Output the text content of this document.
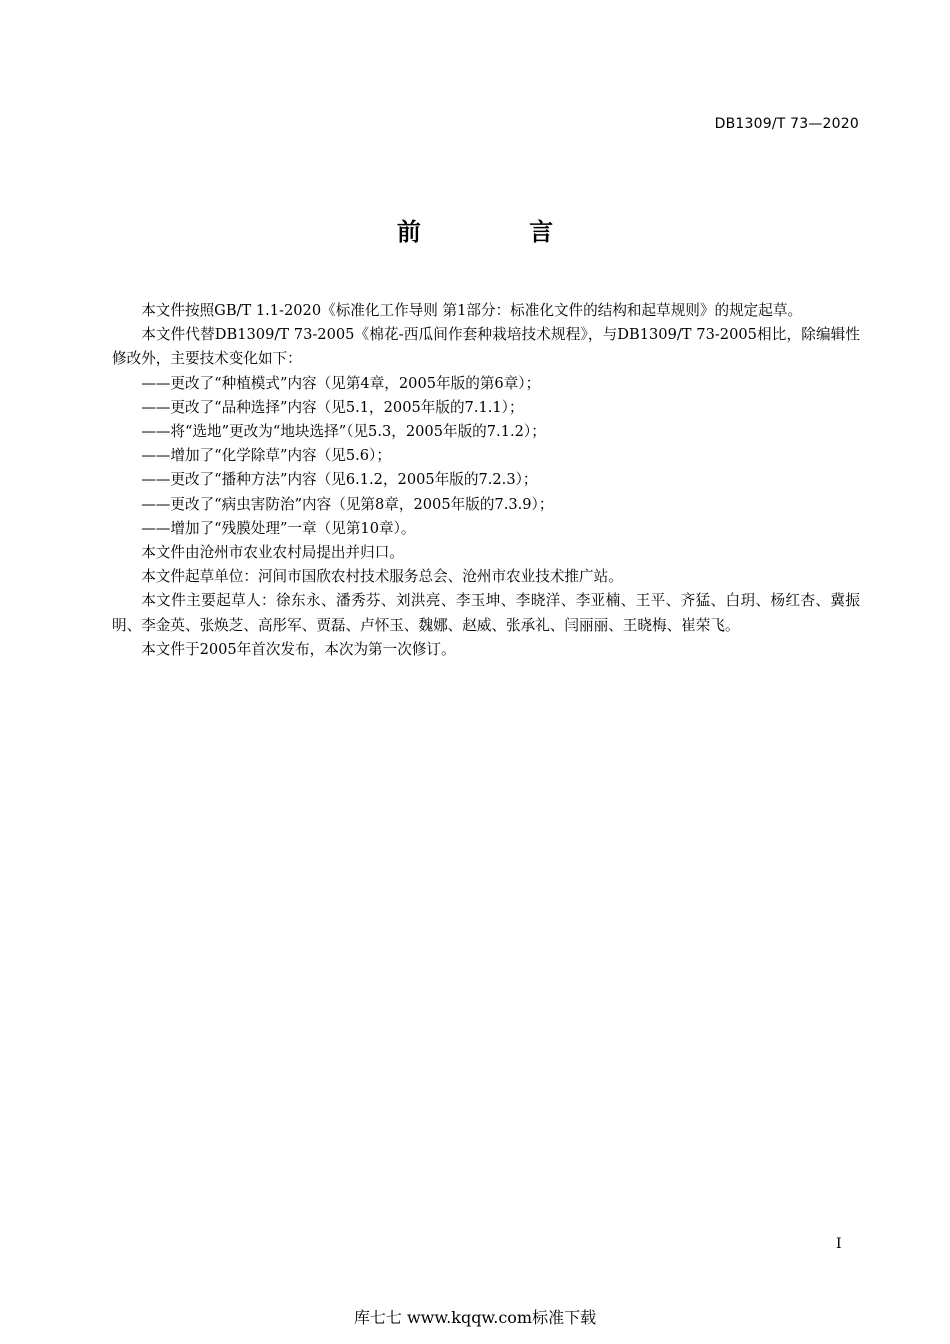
DB1309/T 73—2020
前 言

本文件按照GB/T 1.1-2020《标准化工作导则 第1部分：标准化文件的结构和起草规则》的规定起草。

本文件代替DB1309/T 73-2005《棉花-西瓜间作套种栽培技术规程》，与DB1309/T 73-2005相比，除编辑性修改外，主要技术变化如下：

——更改了“种植模式”内容（见第4章，2005年版的第6章）；

——更改了“品种选择”内容（见5.1，2005年版的7.1.1）；

——将“选地”更改为“地块选择”（见5.3，2005年版的7.1.2）；

——增加了“化学除草”内容（见5.6）；

——更改了“播种方法”内容（见6.1.2，2005年版的7.2.3）；

——更改了“病虫害防治”内容（见第8章，2005年版的7.3.9）；

——增加了“残膜处理”一章（见第10章）。

本文件由沧州市农业农村局提出并归口。

本文件起草单位：河间市国欣农村技术服务总会、沧州市农业技术推广站。

本文件主要起草人：徐东永、潘秀芬、刘洪亮、李玉坤、李晓洋、李亚楠、王平、齐猛、白玥、杨红杏、冀振明、李金英、张焕芝、高彤军、贾磊、卢怀玉、魏娜、赵威、张承礼、闫丽丽、王晓梅、崔荣飞。

本文件于2005年首次发布，本次为第一次修订。

I
库七七 www.kqqw.com标准下载
